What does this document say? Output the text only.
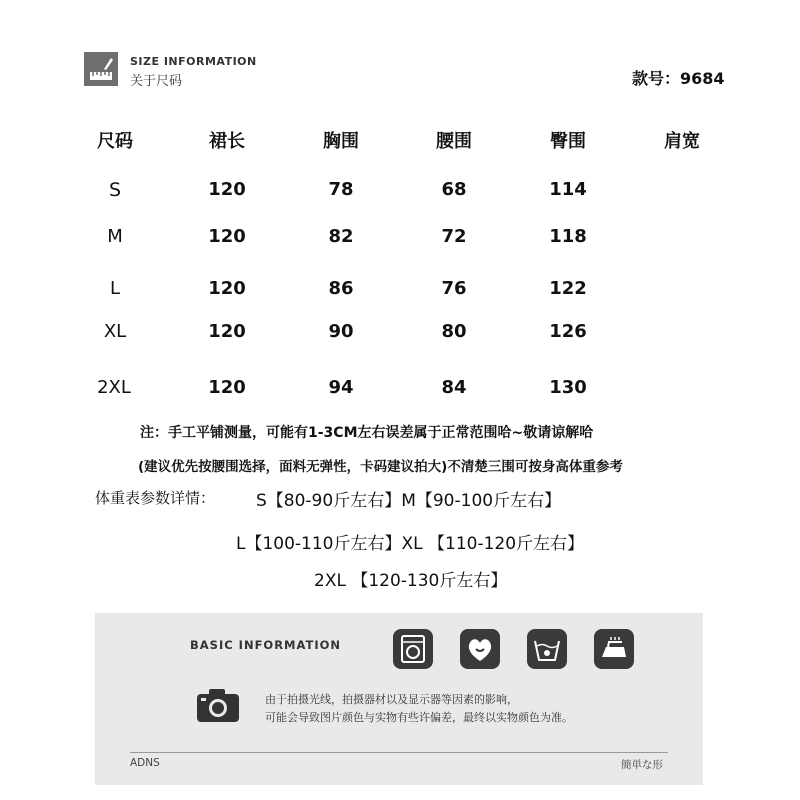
SIZE INFORMATION
关于尺码	款号：9684
尺码	裙长	胸围	腰围	臀围	肩宽
S	120	78	68	114
M	120	82	72	118
L	120	86	76	122
XL	120	90	80	126
2XL	120	94	84	130
注：手工平铺测量，可能有1-3CM左右误差属于正常范围哈~敬请谅解哈
(建议优先按腰围选择，面料无弹性，卡码建议拍大)不清楚三围可按身高体重参考
体重表参数详情： S【80-90斤左右】M【90-100斤左右】
L【100-110斤左右】XL 【110-120斤左右】
2XL 【120-130斤左右】
BASIC INFORMATION
由于拍摄光线，拍摄器材以及显示器等因素的影响，
可能会导致图片颜色与实物有些许偏差，最终以实物颜色为准。
ADNS	簡単な形
